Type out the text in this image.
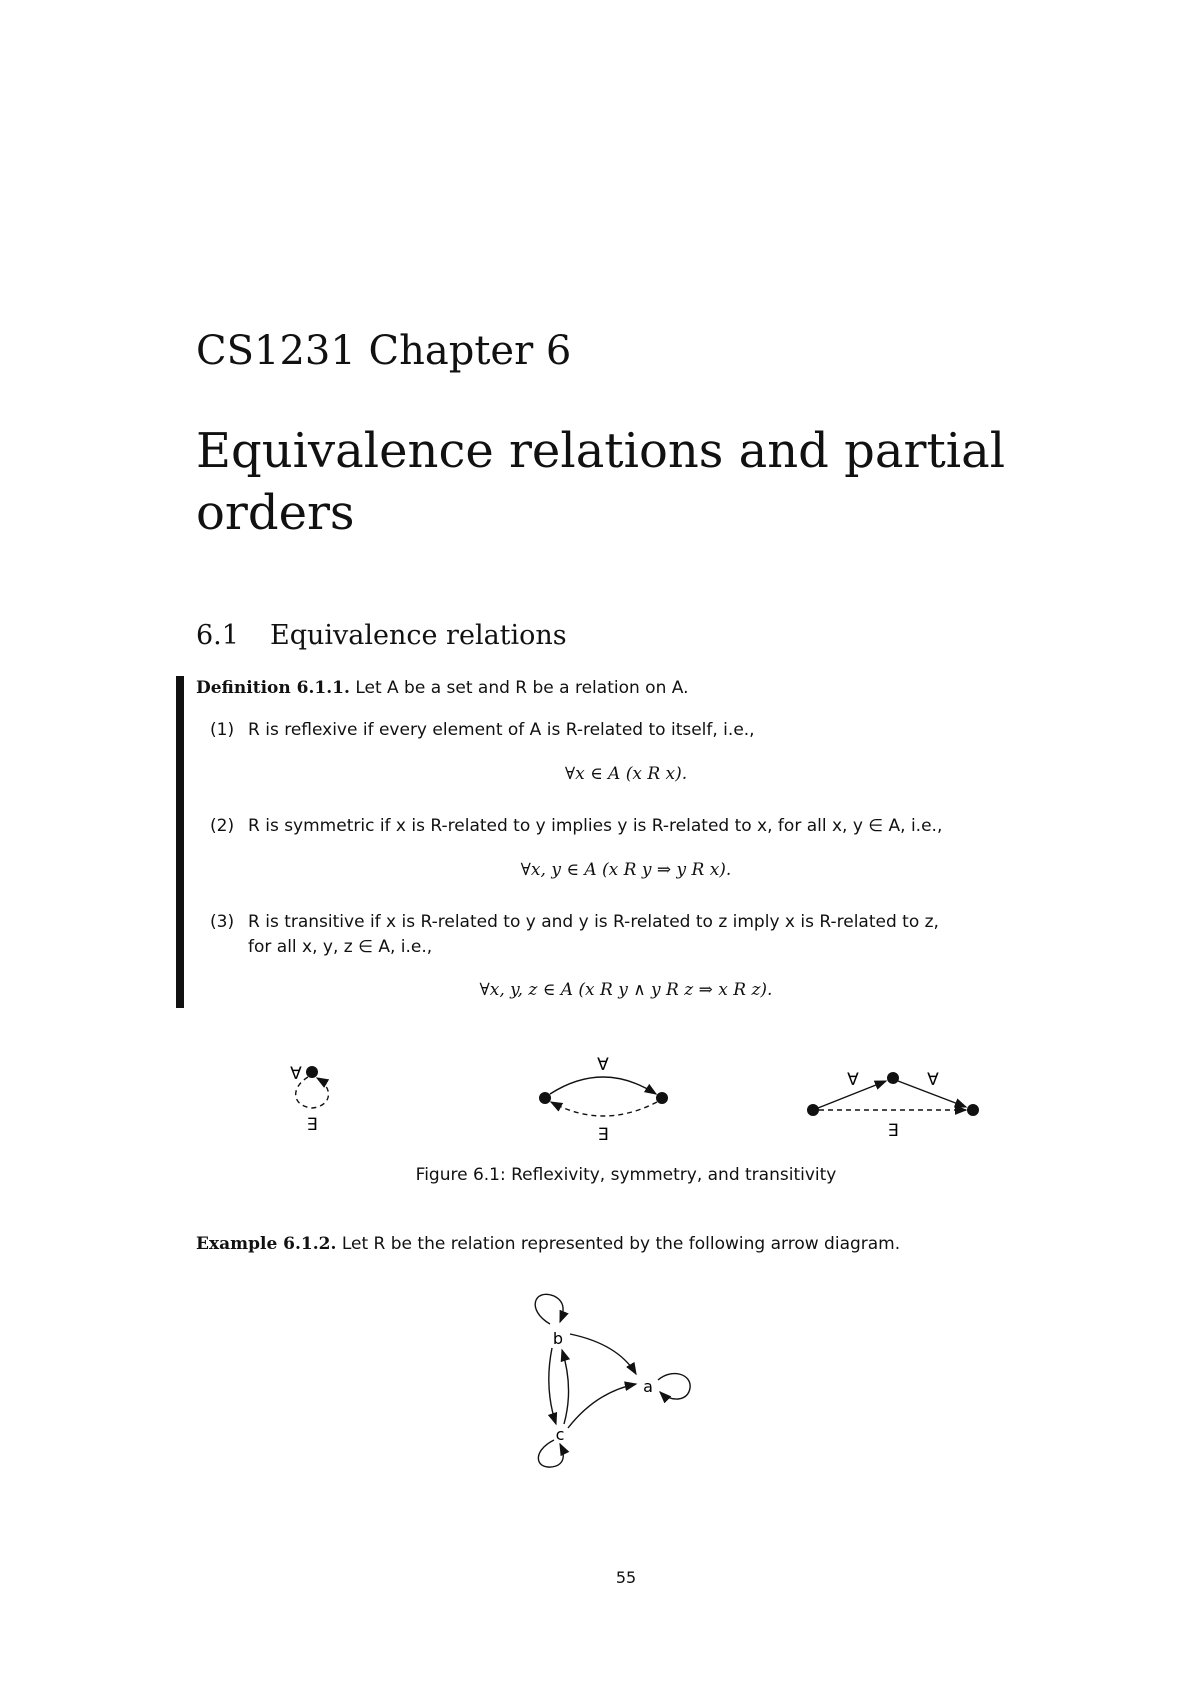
CS1231 Chapter 6
Equivalence relations and partial orders
6.1 Equivalence relations
Definition 6.1.1. Let A be a set and R be a relation on A.
(1) R is reflexive if every element of A is R-related to itself, i.e.,
∀x ∈ A (x R x).
(2) R is symmetric if x is R-related to y implies y is R-related to x, for all x, y ∈ A, i.e.,
∀x, y ∈ A (x R y ⇒ y R x).
(3) R is transitive if x is R-related to y and y is R-related to z imply x is R-related to z,
for all x, y, z ∈ A, i.e.,
∀x, y, z ∈ A (x R y ∧ y R z ⇒ x R z).
∀
∃
∀
∃
∀	∀
∃
Figure 6.1: Reflexivity, symmetry, and transitivity
Example 6.1.2. Let R be the relation represented by the following arrow diagram.
b
a
c
55
